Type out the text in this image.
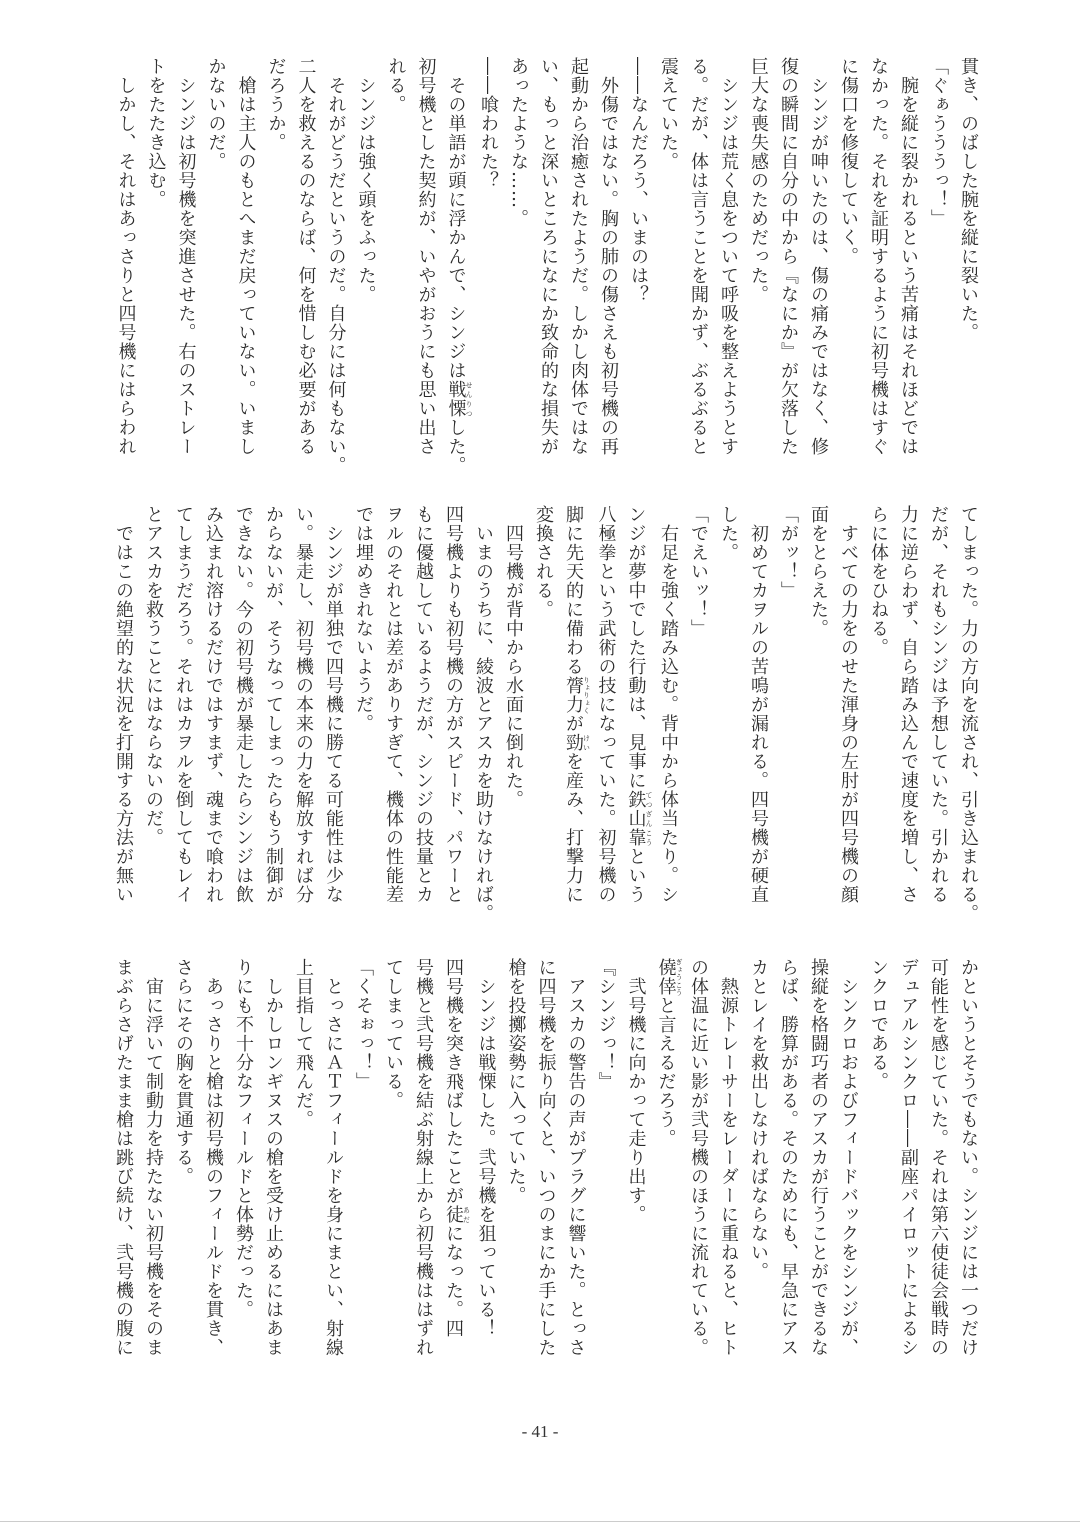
貫き、のばした腕を縦に裂いた。
「ぐぁうううっ！」
　腕を縦に裂かれるという苦痛はそれほどでは
なかった。それを証明するように初号機はすぐ
に傷口を修復していく。
　シンジが呻いたのは、傷の痛みではなく、修
復の瞬間に自分の中から『なにか』が欠落した
巨大な喪失感のためだった。
　シンジは荒く息をついて呼吸を整えようとす
る。だが、体は言うことを聞かず、ぶるぶると
震えていた。
――なんだろう、いまのは？
　外傷ではない。胸の肺の傷さえも初号機の再
起動から治癒されたようだ。しかし肉体ではな
い、もっと深いところになにか致命的な損失が
あったような……。
――喰われた？
　その単語が頭に浮かんで、シンジは戦慄せんりつした。
初号機とした契約が、いやがおうにも思い出さ
れる。
　シンジは強く頭をふった。
　それがどうだというのだ。自分には何もない。
二人を救えるのならば、何を惜しむ必要がある
だろうか。
　槍は主人のもとへまだ戻っていない。いまし
かないのだ。
　シンジは初号機を突進させた。右のストレー
トをたたき込む。
　しかし、それはあっさりと四号機にはらわれ
てしまった。力の方向を流され、引き込まれる。
だが、それもシンジは予想していた。引かれる
力に逆らわず、自ら踏み込んで速度を増し、さ
らに体をひねる。
　すべての力をのせた渾身の左肘が四号機の顔
面をとらえた。
「がッ！」
　初めてカヲルの苦鳴が漏れる。四号機が硬直
した。
「でえいッ！」
　右足を強く踏み込む。背中から体当たり。シ
ンジが夢中でした行動は、見事に鉄山靠てつざんこうという
八極拳という武術の技になっていた。初号機の
脚に先天的に備わる膂力りょりょくが勁けいを産み、打撃力に
変換される。
　四号機が背中から水面に倒れた。
　いまのうちに、綾波とアスカを助けなければ。
四号機よりも初号機の方がスピード、パワーと
もに優越しているようだが、シンジの技量とカ
ヲルのそれとは差がありすぎて、機体の性能差
では埋めきれないようだ。
　シンジが単独で四号機に勝てる可能性は少な
い。暴走し、初号機の本来の力を解放すれば分
からないが、そうなってしまったらもう制御が
できない。今の初号機が暴走したらシンジは飲
み込まれ溶けるだけではすまず、魂まで喰われ
てしまうだろう。それはカヲルを倒してもレイ
とアスカを救うことにはならないのだ。
　ではこの絶望的な状況を打開する方法が無い
かというとそうでもない。シンジには一つだけ
可能性を感じていた。それは第六使徒会戦時の
デュアルシンクロ――副座パイロットによるシ
ンクロである。
　シンクロおよびフィードバックをシンジが、
操縦を格闘巧者のアスカが行うことができるな
らば、勝算がある。そのためにも、早急にアス
カとレイを救出しなければならない。
　熱源トレーサーをレーダーに重ねると、ヒト
の体温に近い影が弐号機のほうに流れている。
僥倖ぎょうこうと言えるだろう。
　弐号機に向かって走り出す。
『シンジっ！』
　アスカの警告の声がプラグに響いた。とっさ
に四号機を振り向くと、いつのまにか手にした
槍を投擲姿勢に入っていた。
　シンジは戦慄した。弐号機を狙っている！
四号機を突き飛ばしたことが徒あだになった。四
号機と弐号機を結ぶ射線上から初号機ははずれ
てしまっている。
「くそぉっ！」
　とっさにＡＴフィールドを身にまとい、射線
上目指して飛んだ。
　しかしロンギヌスの槍を受け止めるにはあま
りにも不十分なフィールドと体勢だった。
　あっさりと槍は初号機のフィールドを貫き、
さらにその胸を貫通する。
　宙に浮いて制動力を持たない初号機をそのま
まぶらさげたまま槍は跳び続け、弐号機の腹に
- 41 -
